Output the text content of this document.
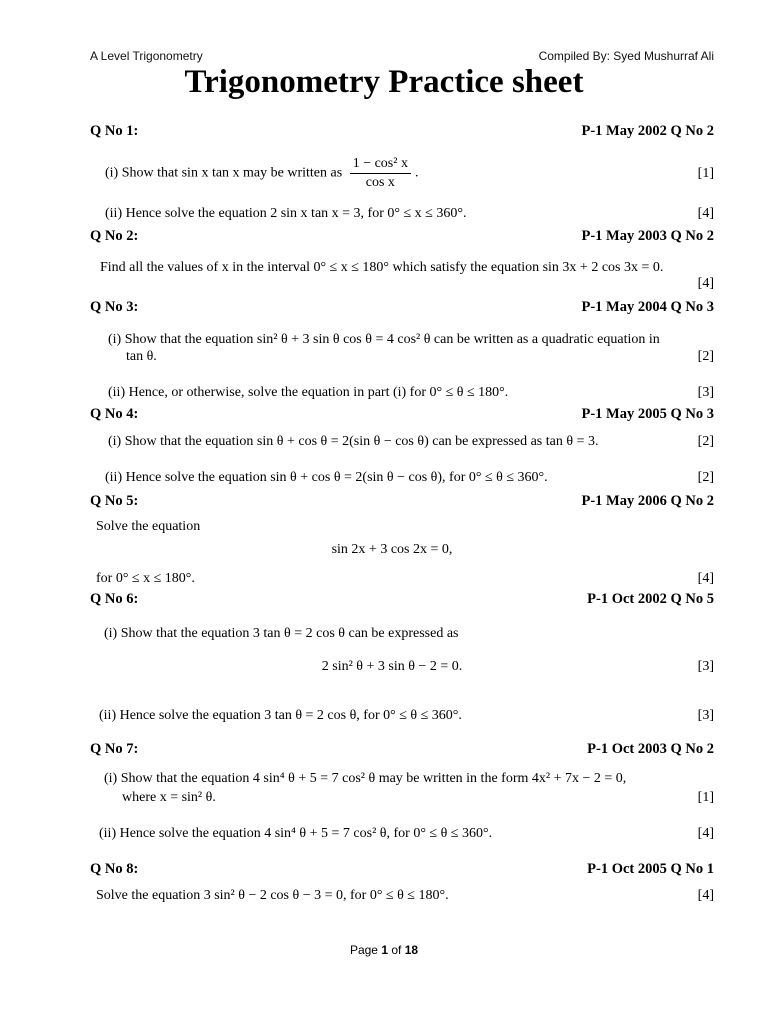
A Level Trigonometry	Compiled By: Syed Mushurraf Ali
Trigonometry Practice sheet
Q No 1:	P-1 May 2002 Q No 2
(i) Show that sin x tan x may be written as $\frac{\text{1 − cos² x}}{\text{cos x}}$ .	[1]
(ii) Hence solve the equation 2 sin x tan x = 3, for 0° ≤ x ≤ 360°.	[4]
Q No 2:	P-1 May 2003 Q No 2
Find all the values of x in the interval 0° ≤ x ≤ 180° which satisfy the equation sin 3x + 2 cos 3x = 0.
[4]
Q No 3:	P-1 May 2004 Q No 3
(i) Show that the equation sin² θ + 3 sin θ cos θ = 4 cos² θ can be written as a quadratic equation in
tan θ.	[2]
(ii) Hence, or otherwise, solve the equation in part (i) for 0° ≤ θ ≤ 180°.	[3]
Q No 4:	P-1 May 2005 Q No 3
(i) Show that the equation sin θ + cos θ = 2(sin θ − cos θ) can be expressed as tan θ = 3.	[2]
(ii) Hence solve the equation sin θ + cos θ = 2(sin θ − cos θ), for 0° ≤ θ ≤ 360°.	[2]
Q No 5:	P-1 May 2006 Q No 2
Solve the equation
sin 2x + 3 cos 2x = 0,
for 0° ≤ x ≤ 180°.	[4]
Q No 6:	P-1 Oct 2002 Q No 5
(i) Show that the equation 3 tan θ = 2 cos θ can be expressed as
2 sin² θ + 3 sin θ − 2 = 0.	[3]
(ii) Hence solve the equation 3 tan θ = 2 cos θ, for 0° ≤ θ ≤ 360°.	[3]
Q No 7:	P-1 Oct 2003 Q No 2
(i) Show that the equation 4 sin⁴ θ + 5 = 7 cos² θ may be written in the form 4x² + 7x − 2 = 0,
where x = sin² θ.	[1]
(ii) Hence solve the equation 4 sin⁴ θ + 5 = 7 cos² θ, for 0° ≤ θ ≤ 360°.	[4]
Q No 8:	P-1 Oct 2005 Q No 1
Solve the equation 3 sin² θ − 2 cos θ − 3 = 0, for 0° ≤ θ ≤ 180°.	[4]
Page 1 of 18
